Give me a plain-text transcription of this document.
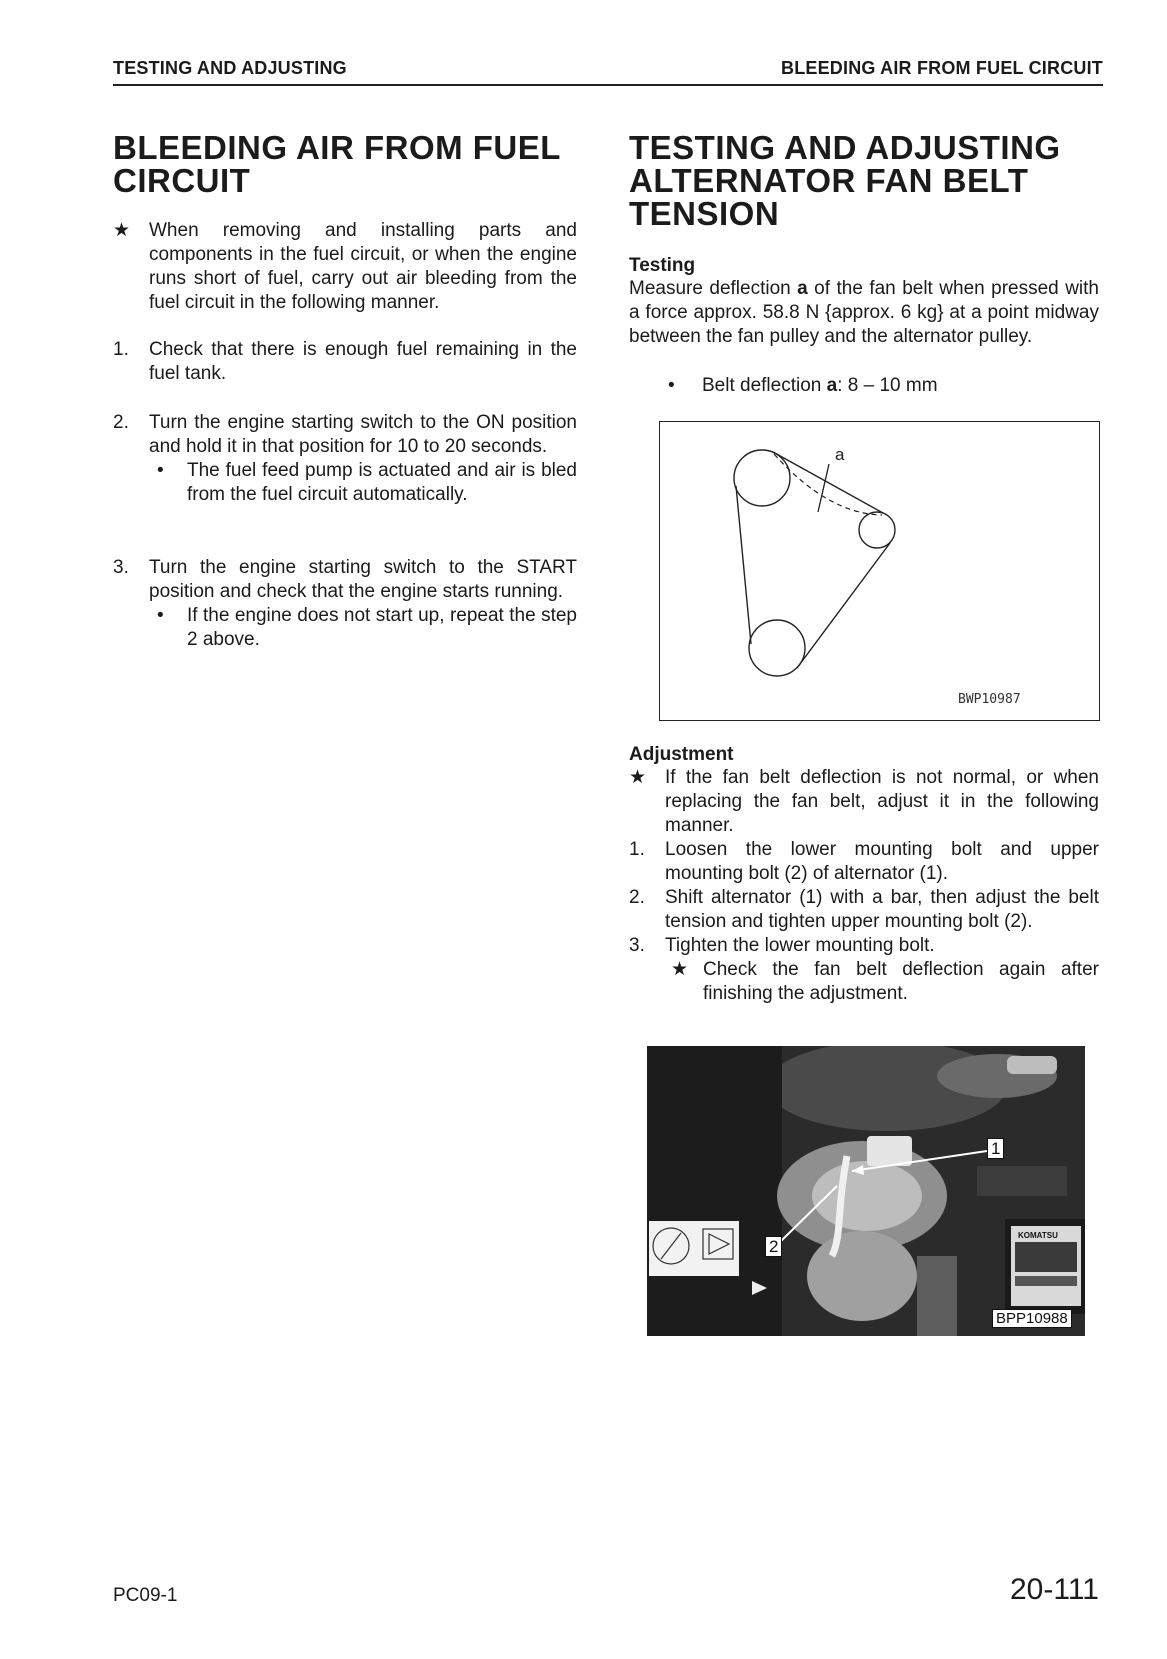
TESTING AND ADJUSTING	BLEEDING AIR FROM FUEL CIRCUIT
BLEEDING AIR FROM FUEL
CIRCUIT
★ When removing and installing parts and components in the fuel circuit, or when the engine runs short of fuel, carry out air bleeding from the fuel circuit in the following manner.
1. Check that there is enough fuel remaining in the fuel tank.
2. Turn the engine starting switch to the ON position and hold it in that position for 10 to 20 seconds.
• The fuel feed pump is actuated and air is bled from the fuel circuit automatically.
3. Turn the engine starting switch to the START position and check that the engine starts running.
• If the engine does not start up, repeat the step 2 above.
TESTING AND ADJUSTING
ALTERNATOR FAN BELT
TENSION
Testing

Measure deflection a of the fan belt when pressed with a force approx. 58.8 N {approx. 6 kg} at a point midway between the fan pulley and the alternator pulley.

• Belt deflection a: 8 – 10 mm
a
BWP10987
Adjustment
★ If the fan belt deflection is not normal, or when replacing the fan belt, adjust it in the following manner.
1. Loosen the lower mounting bolt and upper mounting bolt (2) of alternator (1).
2. Shift alternator (1) with a bar, then adjust the belt tension and tighten upper mounting bolt (2).
3. Tighten the lower mounting bolt.
★ Check the fan belt deflection again after finishing the adjustment.
KOMATSU
1
2
BPP10988
PC09-1	20-111
